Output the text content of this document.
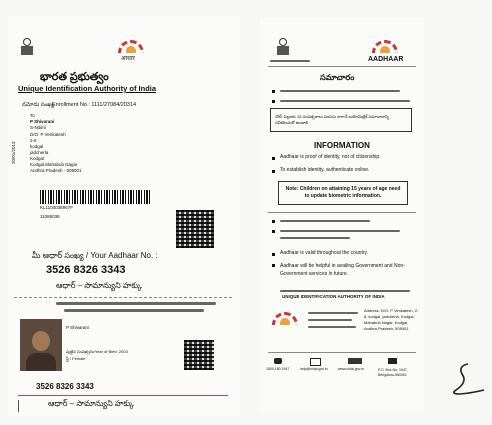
आधार
భారత ప్రభుత్వం
Unique Identification Authority of India
నమోదు సంఖ్య
Enrollment No.: 1111/27084/20314
To
P Shivarani
S-Nitimi
D/O: P Venkatesh
2-8
kodgal
jadcherla
Kodgal
Kodgal,Mahabub Nagar
Andhra Pradesh - 509001
20/01/2013
KL1104038967F
11086036
మీ ఆధార్ సంఖ్య / Your Aadhaar No. :
3526 8326 3343
ఆధార్ – సామాన్యుని హక్కు
P Shivarani
పుట్టిన సంవత్సరం/Year of Birth: 2003
స్త్రీ / Female
3526 8326 3343
ఆధార్ – సామాన్యుని హక్కు
AADHAAR
సమాచారం
నోట్: పిల్లలకు 15 సంవత్సరాలు వయసు రాగానే బయోమెట్రిక్ సమాచారాన్ని నవీకరించుకో ఉండాలి
INFORMATION
Aadhaar is proof of identity, not of citizenship.
To establish identity, authenticate online.
Note: Children on attaining 15 years of age need to update biometric information.
Aadhaar is valid throughout the country.
Aadhaar will be helpful in availing Government and Non-Government services in future.
UNIQUE IDENTIFICATION AUTHORITY OF INDIA
Address: D/O: P Venkatesh, 2-8, kodgal, jadcherla, Kodgal, Mahabub Nagar, Kodgal, Andhra Pradesh, 509001
1800 180 1947	help@uidai.gov.in	www.uidai.gov.in	P.O. Box No. 1947, Bengaluru-560001
